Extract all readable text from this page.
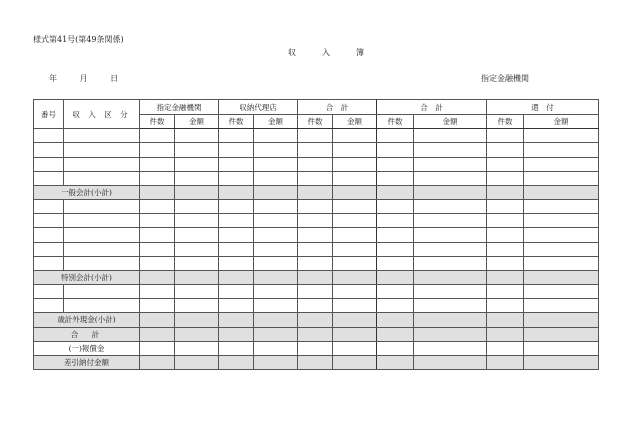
様式第41号(第49条関係)
収　入　簿
年	月	日	指定金融機関
番号	収 入 区 分	指定金融機関		収納代理店		合　計		合　計		還　付	
		件数	金額	件数	金額	件数	金額	件数	金額	件数	金額

一般会計(小計)											

特別会計(小計)											

歳計外現金(小計)											
合　計											
(一)報償金											
差引納付金額											
